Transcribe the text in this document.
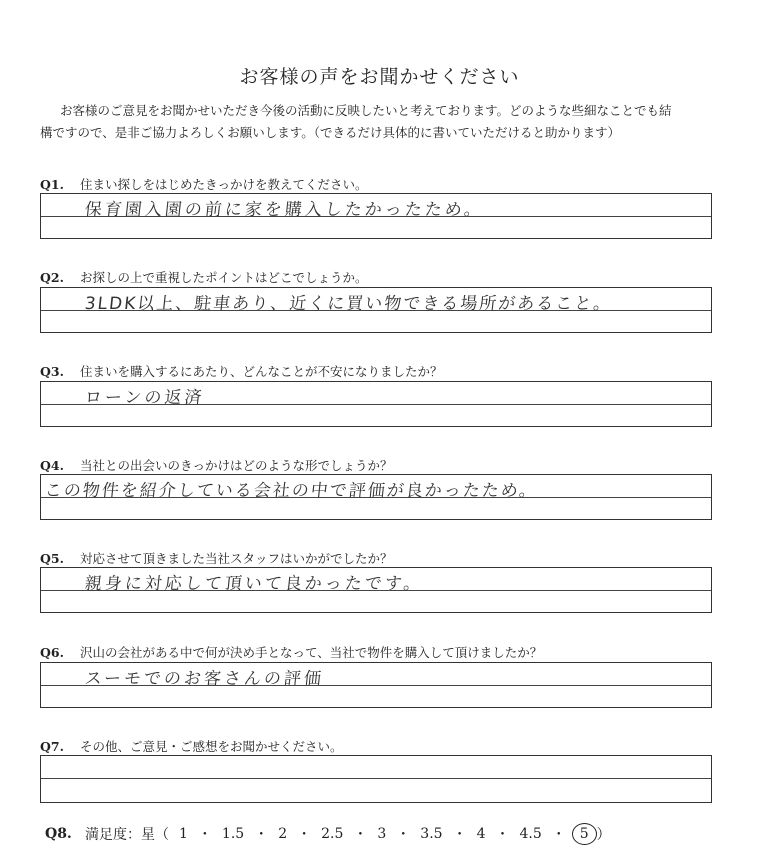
お客様の声をお聞かせください
お客様のご意見をお聞かせいただき今後の活動に反映したいと考えております。どのような些細なことでも結
構ですので、是非ご協力よろしくお願いします。（できるだけ具体的に書いていただけると助かります）
Q1. 住まい探しをはじめたきっかけを教えてください。
保育園入園の前に家を購入したかったため。
Q2. お探しの上で重視したポイントはどこでしょうか。
3LDK以上、駐車あり、近くに買い物できる場所があること。
Q3. 住まいを購入するにあたり、どんなことが不安になりましたか？
ローンの返済
Q4. 当社との出会いのきっかけはどのような形でしょうか？
この物件を紹介している会社の中で評価が良かったため。
Q5. 対応させて頂きました当社スタッフはいかがでしたか？
親身に対応して頂いて良かったです。
Q6. 沢山の会社がある中で何が決め手となって、当社で物件を購入して頂けましたか？
スーモでのお客さんの評価
Q7. その他、ご意見・ご感想をお聞かせください。
Q8. 満足度：星（ 1 ・ 1.5 ・ 2 ・ 2.5 ・ 3 ・ 3.5 ・ 4 ・ 4.5 ・	5 ）
